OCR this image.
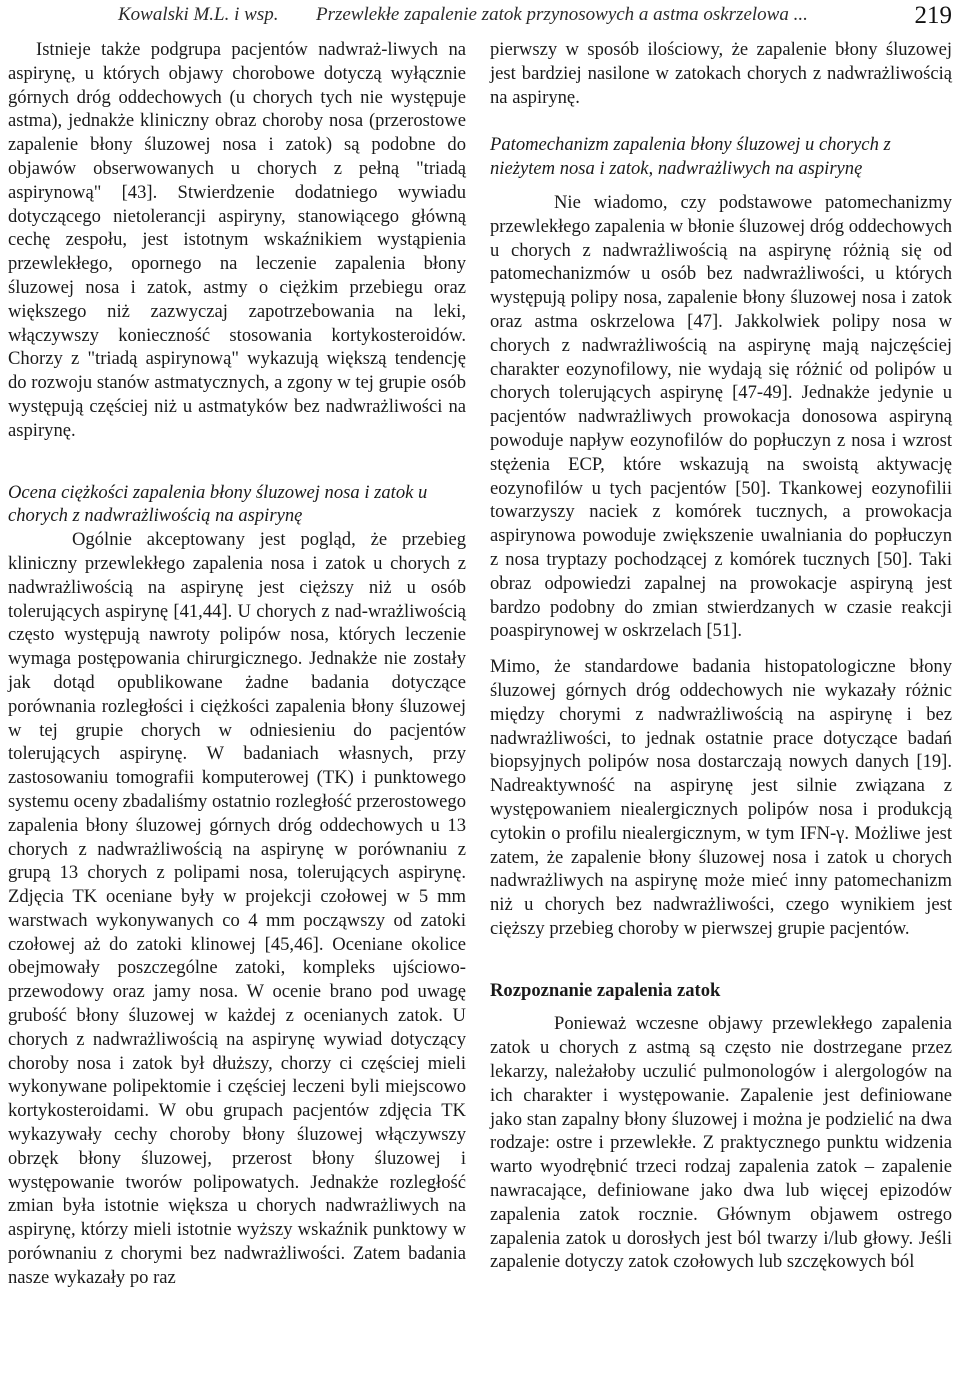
Kowalski M.L. i wsp. Przewlekłe zapalenie zatok przynosowych a astma oskrzelowa ...	219

Istnieje także podgrupa pacjentów nadwraż-liwych na aspirynę, u których objawy chorobowe dotyczą wyłącznie górnych dróg oddechowych (u chorych tych nie występuje astma), jednakże kliniczny obraz choroby nosa (przerostowe zapalenie błony śluzowej nosa i zatok) są podobne do objawów obserwowanych u chorych z pełną "triadą aspirynową" [43]. Stwierdzenie dodatniego wywiadu dotyczącego nietolerancji aspiryny, stanowiącego główną cechę zespołu, jest istotnym wskaźnikiem wystąpienia przewlekłego, opornego na leczenie zapalenia błony śluzowej nosa i zatok, astmy o ciężkim przebiegu oraz większego niż zazwyczaj zapotrzebowania na leki, włączywszy konieczność stosowania kortykosteroidów. Chorzy z "triadą aspirynową" wykazują większą tendencję do rozwoju stanów astmatycznych, a zgony w tej grupie osób występują częściej niż u astmatyków bez nadwrażliwości na aspirynę.

Ocena ciężkości zapalenia błony śluzowej nosa i zatok u chorych z nadwrażliwością na aspirynę

Ogólnie akceptowany jest pogląd, że przebieg kliniczny przewlekłego zapalenia nosa i zatok u chorych z nadwrażliwością na aspirynę jest cięższy niż u osób tolerujących aspirynę [41,44]. U chorych z nad-wrażliwością często występują nawroty polipów nosa, których leczenie wymaga postępowania chirurgicznego. Jednakże nie zostały jak dotąd opublikowane żadne badania dotyczące porównania rozległości i ciężkości zapalenia błony śluzowej w tej grupie chorych w odniesieniu do pacjentów tolerujących aspirynę. W badaniach własnych, przy zastosowaniu tomografii komputerowej (TK) i punktowego systemu oceny zbadaliśmy ostatnio rozległość przerostowego zapalenia błony śluzowej górnych dróg oddechowych u 13 chorych z nadwrażliwością na aspirynę w porównaniu z grupą 13 chorych z polipami nosa, tolerujących aspirynę. Zdjęcia TK oceniane były w projekcji czołowej w 5 mm warstwach wykonywanych co 4 mm począwszy od zatoki czołowej aż do zatoki klinowej [45,46]. Oceniane okolice obejmowały poszczególne zatoki, kompleks ujściowo-przewodowy oraz jamy nosa. W ocenie brano pod uwagę grubość błony śluzowej w każdej z ocenianych zatok. U chorych z nadwrażliwością na aspirynę wywiad dotyczący choroby nosa i zatok był dłuższy, chorzy ci częściej mieli wykonywane polipektomie i częściej leczeni byli miejscowo kortykosteroidami. W obu grupach pacjentów zdjęcia TK wykazywały cechy choroby błony śluzowej włączywszy obrzęk błony śluzowej, przerost błony śluzowej i występowanie tworów polipowatych. Jednakże rozległość zmian była istotnie większa u chorych nadwrażliwych na aspirynę, którzy mieli istotnie wyższy wskaźnik punktowy w porównaniu z chorymi bez nadwrażliwości. Zatem badania nasze wykazały po raz

pierwszy w sposób ilościowy, że zapalenie błony śluzowej jest bardziej nasilone w zatokach chorych z nadwrażliwością na aspirynę.

Patomechanizm zapalenia błony śluzowej u chorych z nieżytem nosa i zatok, nadwrażliwych na aspirynę

Nie wiadomo, czy podstawowe patomechanizmy przewlekłego zapalenia w błonie śluzowej dróg oddechowych u chorych z nadwrażliwością na aspirynę różnią się od patomechanizmów u osób bez nadwrażliwości, u których występują polipy nosa, zapalenie błony śluzowej nosa i zatok oraz astma oskrzelowa [47]. Jakkolwiek polipy nosa w chorych z nadwrażliwością na aspirynę mają najczęściej charakter eozynofilowy, nie wydają się różnić od polipów u chorych tolerujących aspirynę [47-49]. Jednakże jedynie u pacjentów nadwrażliwych prowokacja donosowa aspiryną powoduje napływ eozynofilów do popłuczyn z nosa i wzrost stężenia ECP, które wskazują na swoistą aktywację eozynofilów u tych pacjentów [50]. Tkankowej eozynofilii towarzyszy naciek z komórek tucznych, a prowokacja aspirynowa powoduje zwiększenie uwalniania do popłuczyn z nosa tryptazy pochodzącej z komórek tucznych [50]. Taki obraz odpowiedzi zapalnej na prowokacje aspiryną jest bardzo podobny do zmian stwierdzanych w czasie reakcji poaspirynowej w oskrzelach [51].

Mimo, że standardowe badania histopatologiczne błony śluzowej górnych dróg oddechowych nie wykazały różnic między chorymi z nadwrażliwością na aspirynę i bez nadwrażliwości, to jednak ostatnie prace dotyczące badań biopsyjnych polipów nosa dostarczają nowych danych [19]. Nadreaktywność na aspirynę jest silnie związana z występowaniem niealergicznych polipów nosa i produkcją cytokin o profilu niealergicznym, w tym IFN-γ. Możliwe jest zatem, że zapalenie błony śluzowej nosa i zatok u chorych nadwrażliwych na aspirynę może mieć inny patomechanizm niż u chorych bez nadwrażliwości, czego wynikiem jest cięższy przebieg choroby w pierwszej grupie pacjentów.

Rozpoznanie zapalenia zatok

Ponieważ wczesne objawy przewlekłego zapalenia zatok u chorych z astmą są często nie dostrzegane przez lekarzy, należałoby uczulić pulmonologów i alergologów na ich charakter i występowanie. Zapalenie jest definiowane jako stan zapalny błony śluzowej i można je podzielić na dwa rodzaje: ostre i przewlekłe. Z praktycznego punktu widzenia warto wyodrębnić trzeci rodzaj zapalenia zatok – zapalenie nawracające, definiowane jako dwa lub więcej epizodów zapalenia zatok rocznie. Głównym objawem ostrego zapalenia zatok u dorosłych jest ból twarzy i/lub głowy. Jeśli zapalenie dotyczy zatok czołowych lub szczękowych ból
